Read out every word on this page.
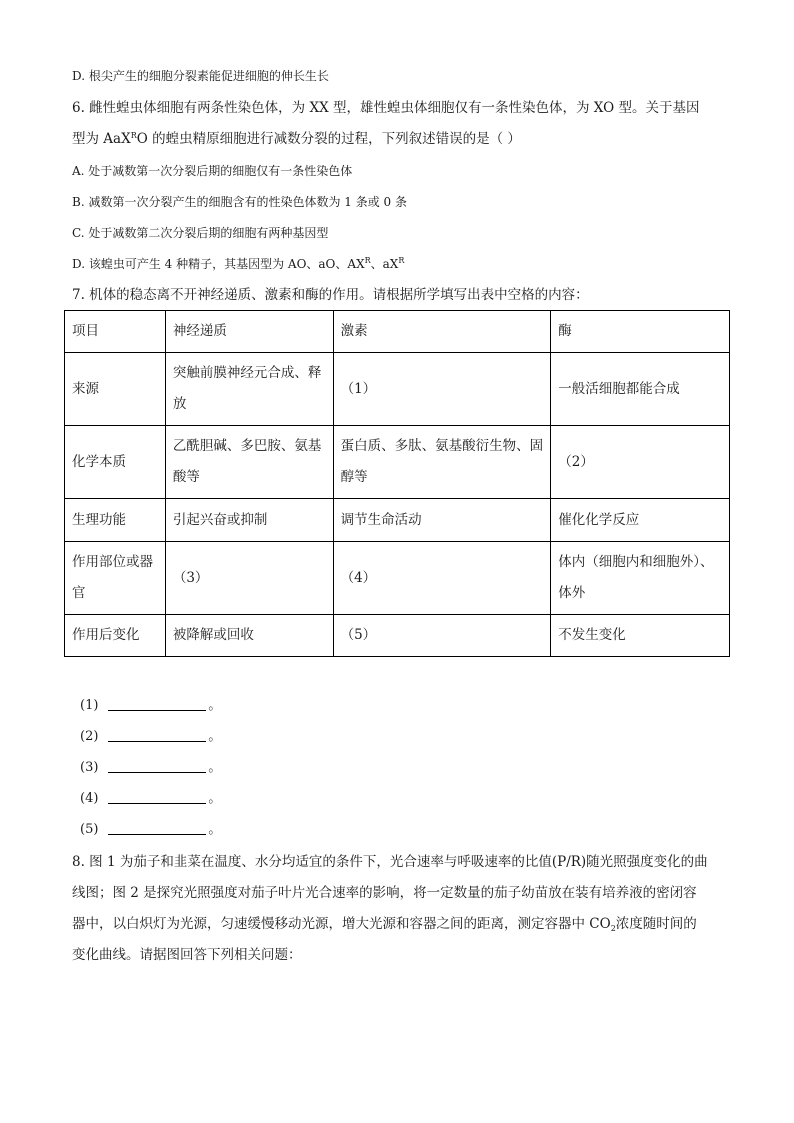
D. 根尖产生的细胞分裂素能促进细胞的伸长生长
6. 雌性蝗虫体细胞有两条性染色体，为 XX 型，雄性蝗虫体细胞仅有一条性染色体，为 XO 型。关于基因
型为 AaX$^R$O 的蝗虫精原细胞进行减数分裂的过程，下列叙述错误的是（ ）
A. 处于减数第一次分裂后期的细胞仅有一条性染色体
B. 减数第一次分裂产生的细胞含有的性染色体数为 1 条或 0 条
C. 处于减数第二次分裂后期的细胞有两种基因型
D. 该蝗虫可产生 4 种精子，其基因型为 AO、aO、$AX^R$、$aX^R$
7. 机体的稳态离不开神经递质、激素和酶的作用。请根据所学填写出表中空格的内容：
项目	神经递质	激素	酶
来源	突触前膜神经元合成、释放	（1）	一般活细胞都能合成
化学本质	乙酰胆碱、多巴胺、氨基酸等	蛋白质、多肽、氨基酸衍生物、固醇等	（2）
生理功能	引起兴奋或抑制	调节生命活动	催化化学反应
作用部位或器官	（3）	（4）	体内（细胞内和细胞外）、体外
作用后变化	被降解或回收	（5）	不发生变化
(1)	。
(2)	。
(3)	。
(4)	。
(5)	。
8. 图 1 为茄子和韭菜在温度、水分均适宜的条件下，光合速率与呼吸速率的比值(P/R)随光照强度变化的曲
线图；图 2 是探究光照强度对茄子叶片光合速率的影响，将一定数量的茄子幼苗放在装有培养液的密闭容
器中，以白炽灯为光源，匀速缓慢移动光源，增大光源和容器之间的距离，测定容器中 $CO_2$浓度随时间的
变化曲线。请据图回答下列相关问题：
